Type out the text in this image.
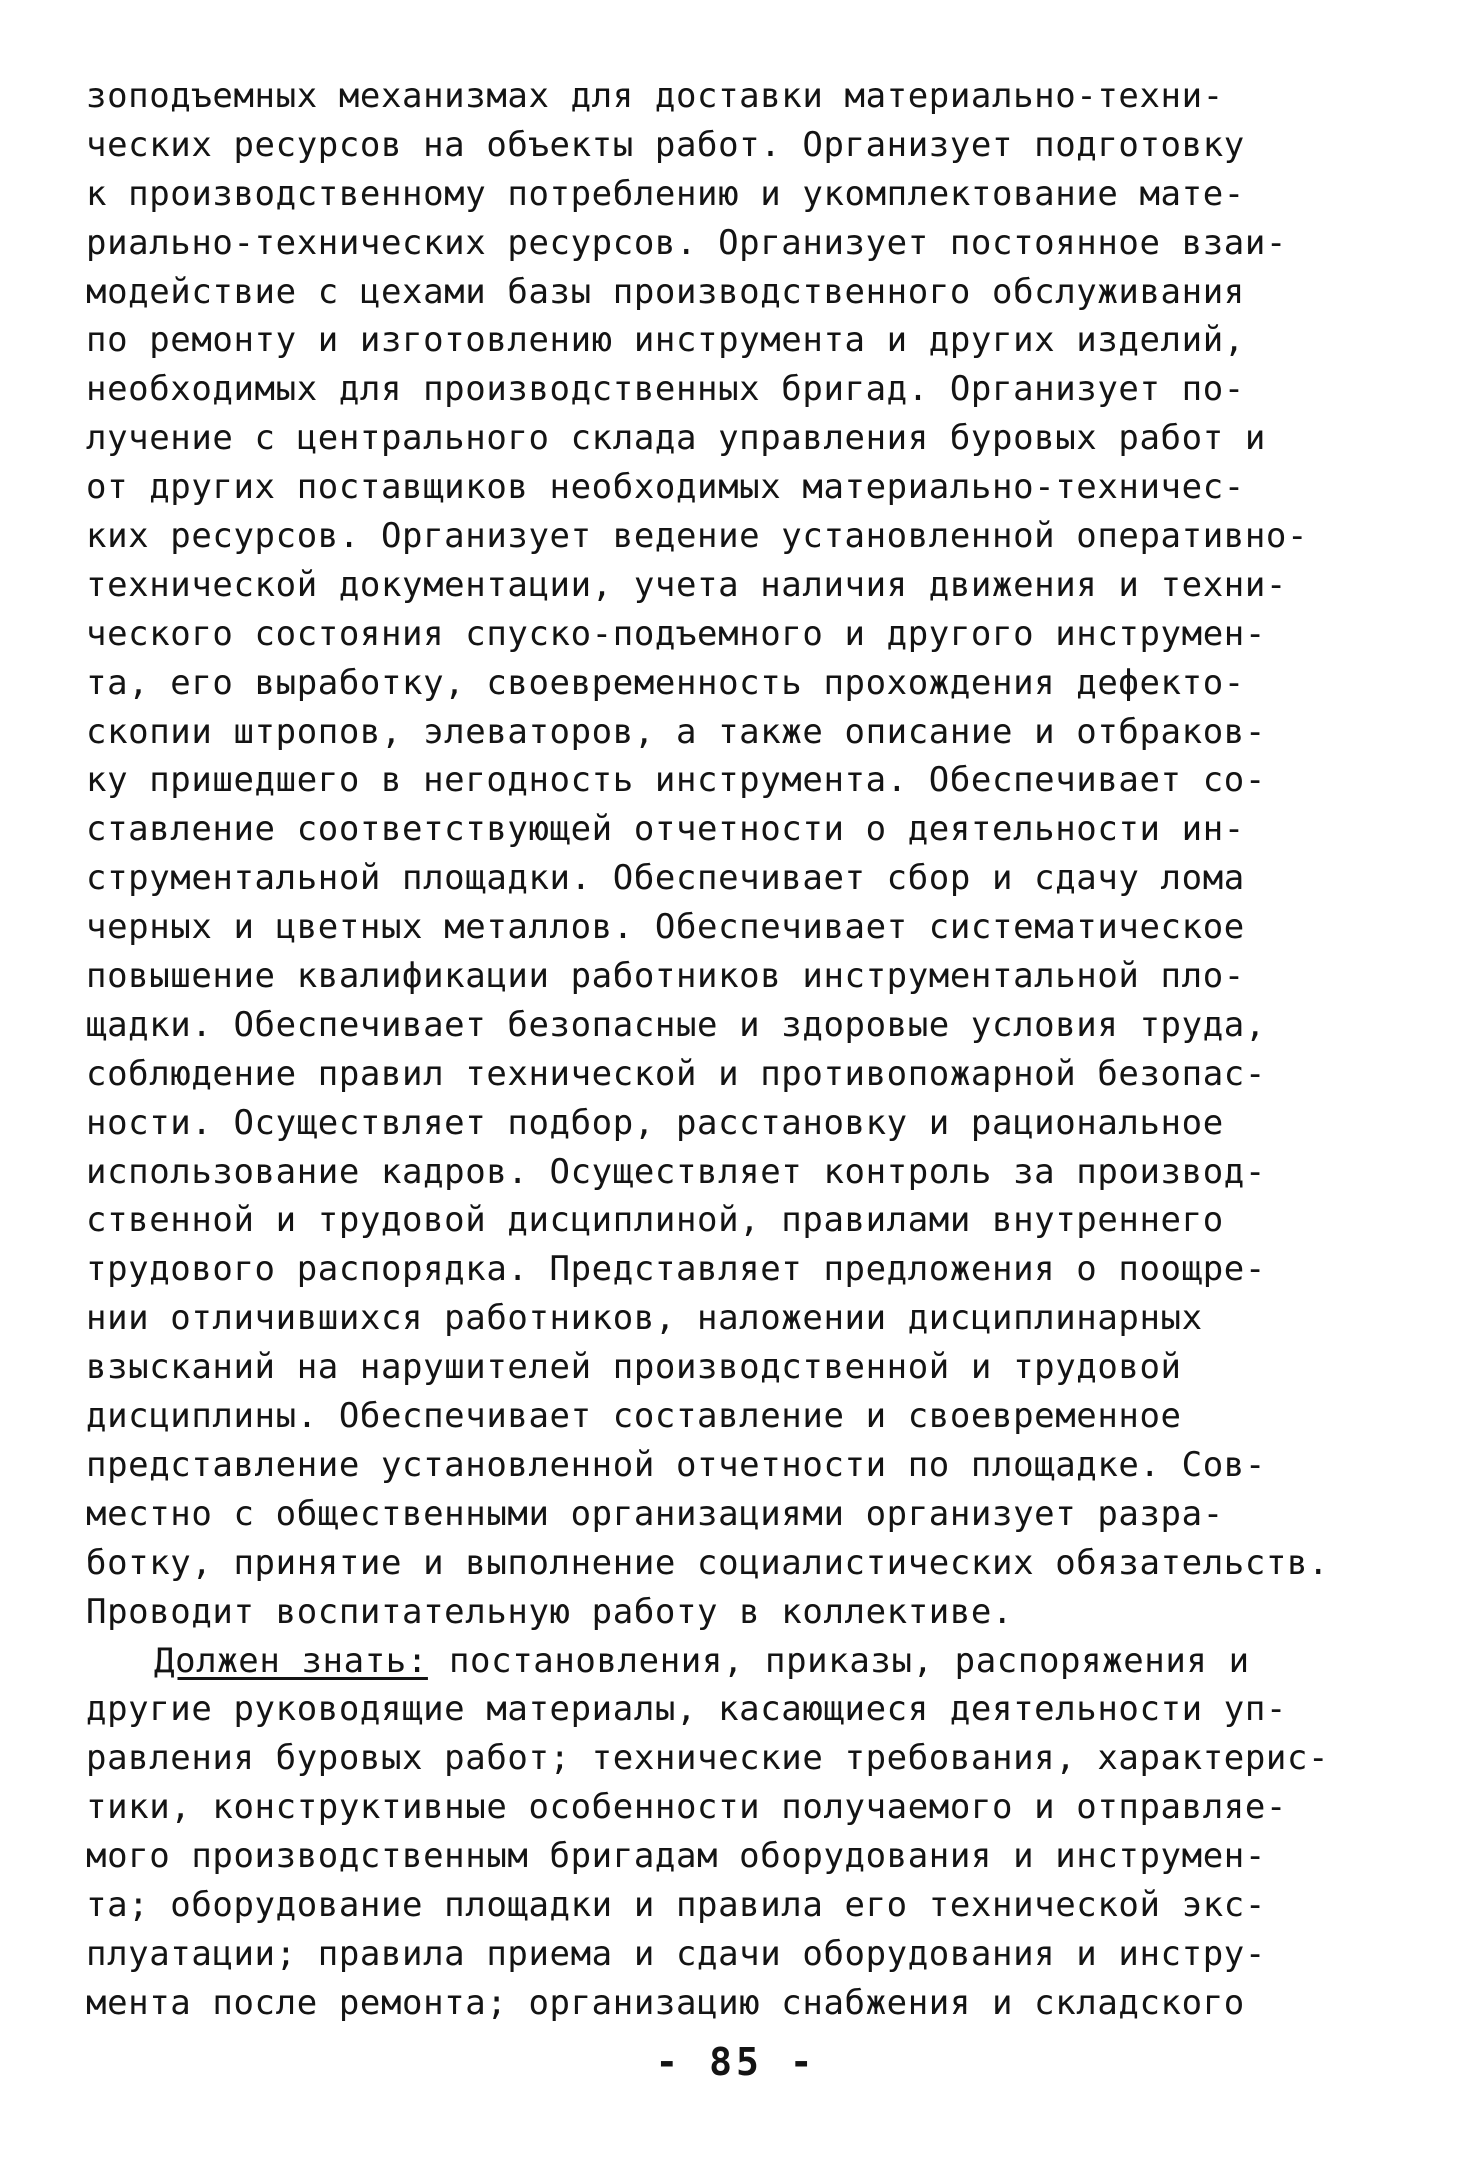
зоподъемных механизмах для доставки материально-техни-
ческих ресурсов на объекты работ. Организует подготовку
к производственному потреблению и укомплектование мате-
риально-технических ресурсов. Организует постоянное взаи-
модействие с цехами базы производственного обслуживания
по ремонту и изготовлению инструмента и других изделий,
необходимых для производственных бригад. Организует по-
лучение с центрального склада управления буровых работ и
от других поставщиков необходимых материально-техничес-
ких ресурсов. Организует ведение установленной оперативно-
технической документации, учета наличия движения и техни-
ческого состояния спуско-подъемного и другого инструмен-
та, его выработку, своевременность прохождения дефекто-
скопии штропов, элеваторов, а также описание и отбраков-
ку пришедшего в негодность инструмента. Обеспечивает со-
ставление соответствующей отчетности о деятельности ин-
струментальной площадки. Обеспечивает сбор и сдачу лома
черных и цветных металлов. Обеспечивает систематическое
повышение квалификации работников инструментальной пло-
щадки. Обеспечивает безопасные и здоровые условия труда,
соблюдение правил технической и противопожарной безопас-
ности. Осуществляет подбор, расстановку и рациональное
использование кадров. Осуществляет контроль за производ-
ственной и трудовой дисциплиной, правилами внутреннего
трудового распорядка. Представляет предложения о поощре-
нии отличившихся работников, наложении дисциплинарных
взысканий на нарушителей производственной и трудовой
дисциплины. Обеспечивает составление и своевременное
представление установленной отчетности по площадке. Сов-
местно с общественными организациями организует разра-
ботку, принятие и выполнение социалистических обязательств.
Проводит воспитательную работу в коллективе.
Должен знать: постановления, приказы, распоряжения и
другие руководящие материалы, касающиеся деятельности уп-
равления буровых работ; технические требования, характерис-
тики, конструктивные особенности получаемого и отправляе-
мого производственным бригадам оборудования и инструмен-
та; оборудование площадки и правила его технической экс-
плуатации; правила приема и сдачи оборудования и инстру-
мента после ремонта; организацию снабжения и складского
- 85 -
